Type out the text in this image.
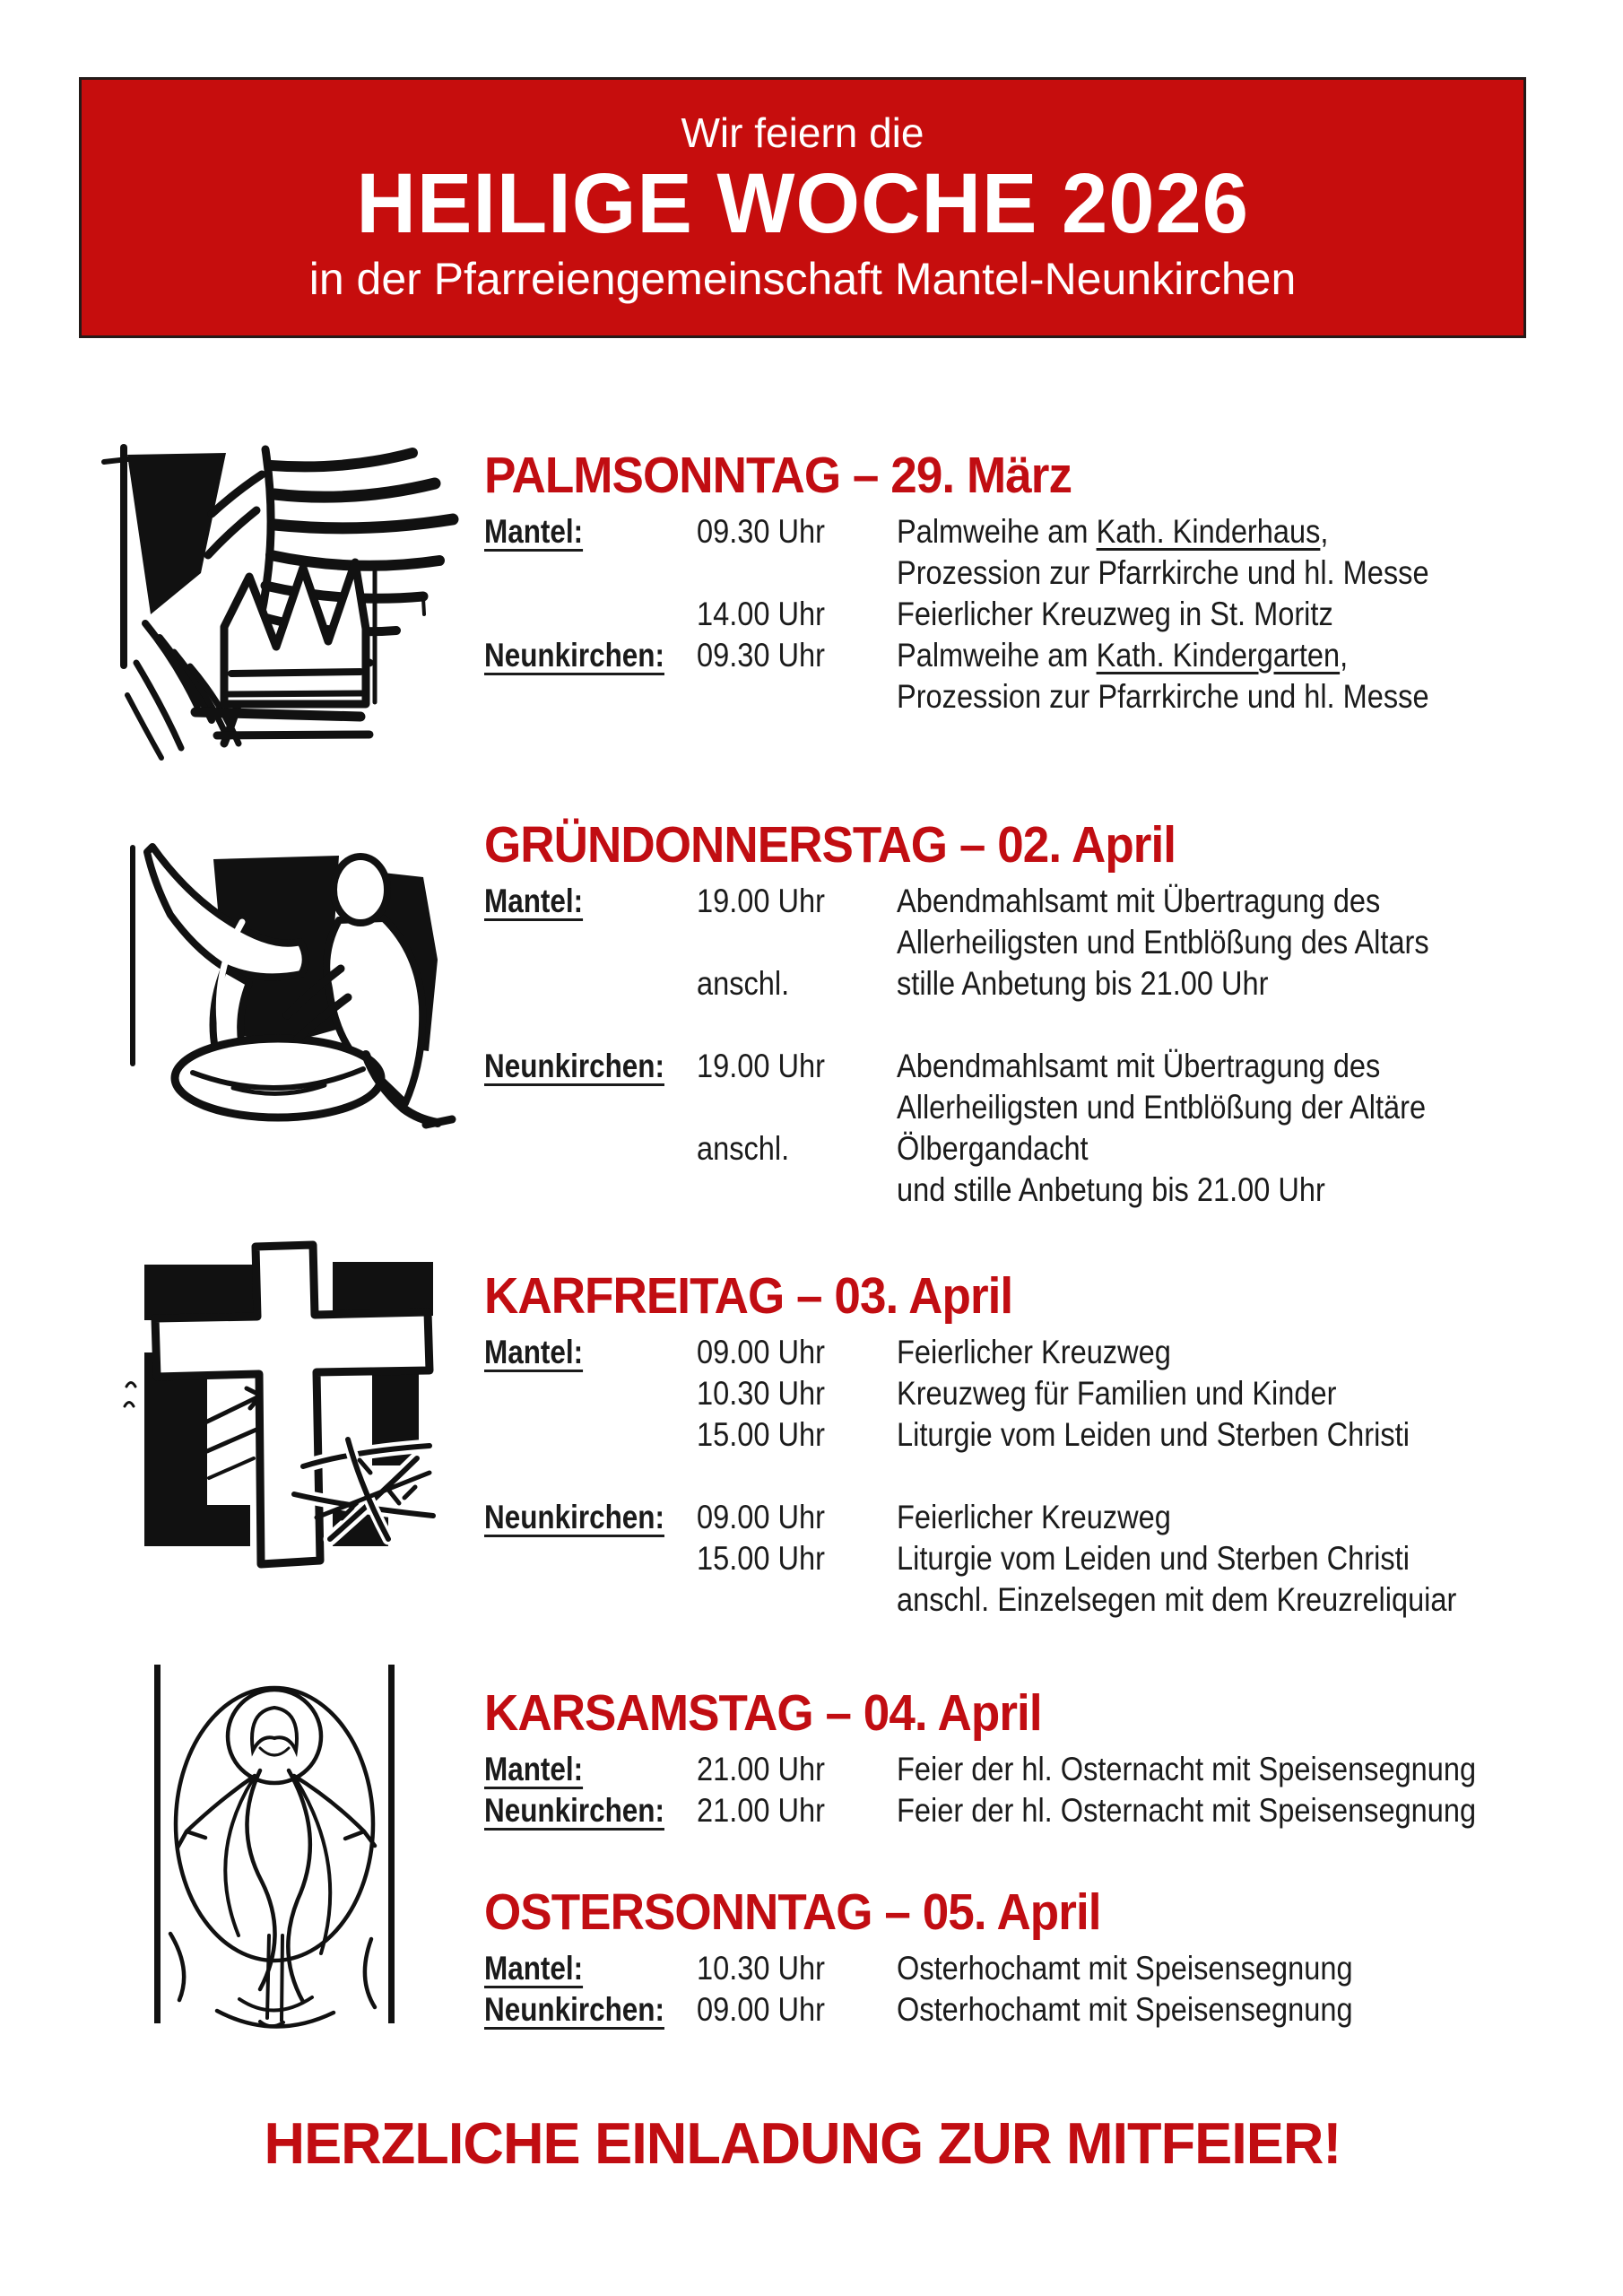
Wir feiern die
HEILIGE WOCHE 2026
in der Pfarreiengemeinschaft Mantel-Neunkirchen
PALMSONNTAG – 29. März
Mantel:	09.30 Uhr	Palmweihe am Kath. Kinderhaus,
Prozession zur Pfarrkirche und hl. Messe
14.00 Uhr	Feierlicher Kreuzweg in St. Moritz
Neunkirchen: 09.30 Uhr	Palmweihe am Kath. Kindergarten,
Prozession zur Pfarrkirche und hl. Messe
GRÜNDONNERSTAG – 02. April
Mantel:	19.00 Uhr	Abendmahlsamt mit Übertragung des
Allerheiligsten und Entblößung des Altars
anschl.	stille Anbetung bis 21.00 Uhr
Neunkirchen: 19.00 Uhr	Abendmahlsamt mit Übertragung des
Allerheiligsten und Entblößung der Altäre
anschl.	Ölbergandacht
und stille Anbetung bis 21.00 Uhr
KARFREITAG – 03. April
Mantel:	09.00 Uhr	Feierlicher Kreuzweg
10.30 Uhr	Kreuzweg für Familien und Kinder
15.00 Uhr	Liturgie vom Leiden und Sterben Christi
Neunkirchen: 09.00 Uhr	Feierlicher Kreuzweg
15.00 Uhr	Liturgie vom Leiden und Sterben Christi
anschl. Einzelsegen mit dem Kreuzreliquiar
KARSAMSTAG – 04. April
Mantel:	21.00 Uhr	Feier der hl. Osternacht mit Speisensegnung
Neunkirchen: 21.00 Uhr	Feier der hl. Osternacht mit Speisensegnung
OSTERSONNTAG – 05. April
Mantel:	10.30 Uhr	Osterhochamt mit Speisensegnung
Neunkirchen: 09.00 Uhr	Osterhochamt mit Speisensegnung
HERZLICHE EINLADUNG ZUR MITFEIER!
